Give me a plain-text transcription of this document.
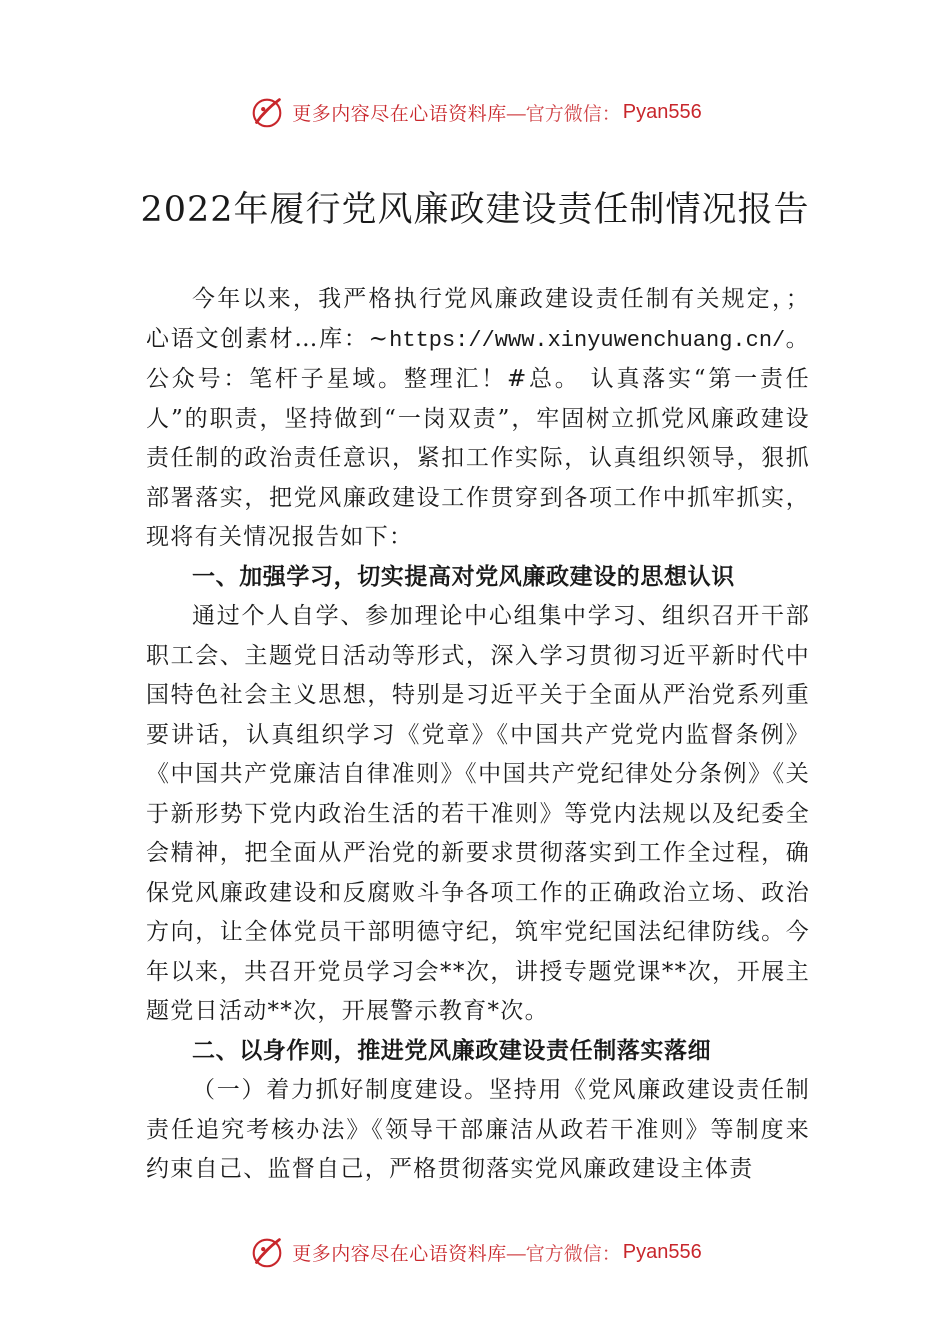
更多内容尽在心语资料库 —官方微信： Pyan556
2022年履行党风廉政建设责任制情况报告

今年以来，我严格执行党风廉政建设责任制有关规定，；心语文创素材…库：~https://www.xinyuwenchuang.cn/。公众号：笔杆子星域。整理汇！#总。 认真落实“第一责任人”的职责，坚持做到“一岗双责”，牢固树立抓党风廉政建设责任制的政治责任意识，紧扣工作实际，认真组织领导，狠抓部署落实，把党风廉政建设工作贯穿到各项工作中抓牢抓实，现将有关情况报告如下：

一、加强学习，切实提高对党风廉政建设的思想认识

通过个人自学、参加理论中心组集中学习、组织召开干部职工会、主题党日活动等形式，深入学习贯彻习近平新时代中国特色社会主义思想，特别是习近平关于全面从严治党系列重要讲话，认真组织学习《党章》《中国共产党党内监督条例》《中国共产党廉洁自律准则》《中国共产党纪律处分条例》《关于新形势下党内政治生活的若干准则》等党内法规以及纪委全会精神，把全面从严治党的新要求贯彻落实到工作全过程，确保党风廉政建设和反腐败斗争各项工作的正确政治立场、政治方向，让全体党员干部明德守纪，筑牢党纪国法纪律防线。今年以来，共召开党员学习会**次，讲授专题党课**次，开展主题党日活动**次，开展警示教育*次。

二、以身作则，推进党风廉政建设责任制落实落细

（一）着力抓好制度建设。坚持用《党风廉政建设责任制责任追究考核办法》《领导干部廉洁从政若干准则》等制度来约束自己、监督自己，严格贯彻落实党风廉政建设主体责

更多内容尽在心语资料库 —官方微信： Pyan556
